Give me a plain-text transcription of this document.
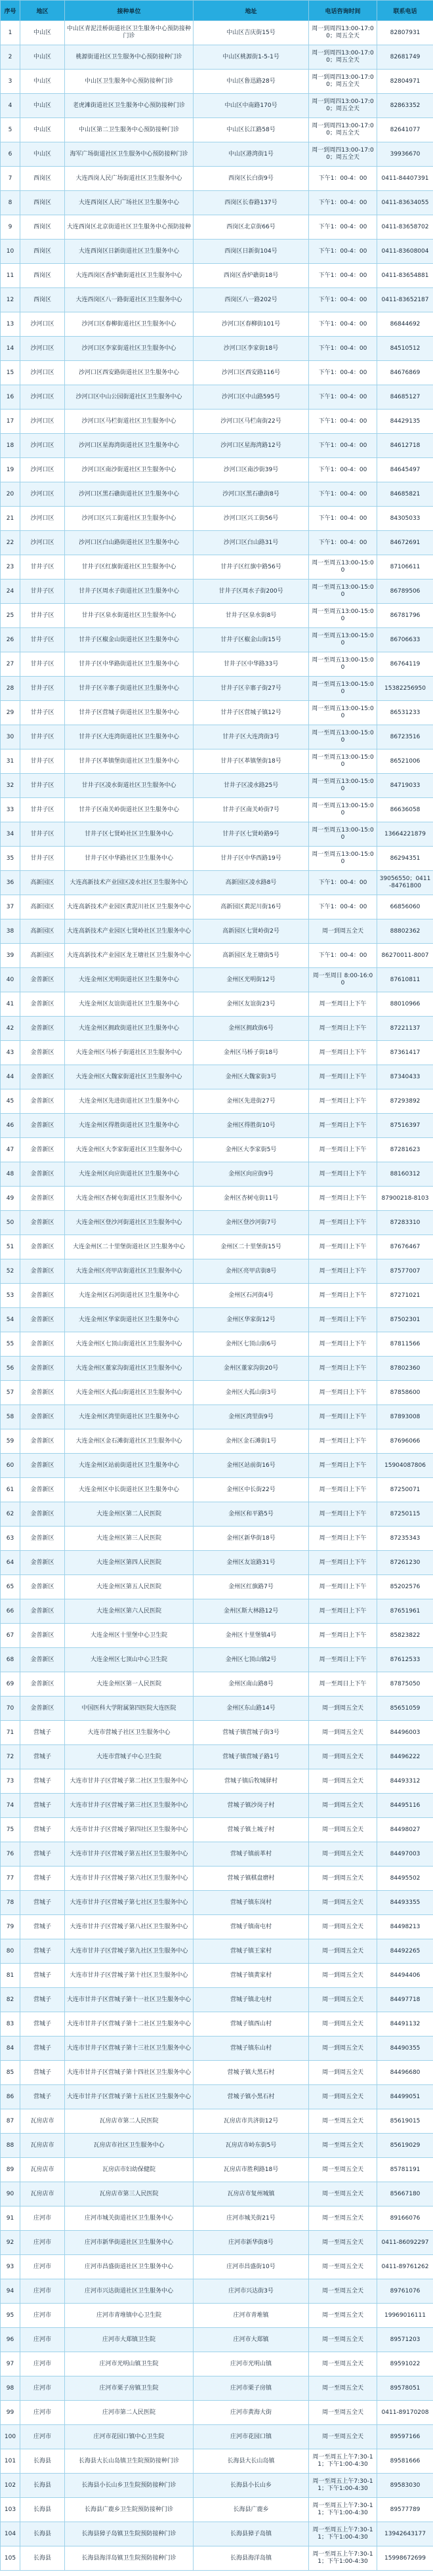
序号	地区	接种单位	地址	电话咨询时间	联系电话
1	中山区	中山区青泥洼桥街道社区卫生服务中心预防接种门诊	中山区吉庆街15号	周一到周四13:00-17:00；周五全天	82807931
2	中山区	桃源街道社区卫生服务中心预防接种门诊	中山区桃源街1-5-1号	周一到周四13:00-17:00；周五全天	82681749
3	中山区	中山区卫生服务中心预防接种门诊	中山区鲁迅路28号	周一到周四13:00-17:00；周五全天	82804971
4	中山区	老虎滩街道社区卫生服务中心预防接种门诊	中山区中南路170号	周一到周四13:00-17:00；周五全天	82863352
5	中山区	中山区第二卫生服务中心预防接种门诊	中山区长江路58号	周一到周四13:00-17:00；周五全天	82641077
6	中山区	海军广场街道社区卫生服务中心预防接种门诊	中山区港湾街1号	周一到周四13:00-17:00；周五全天	39936670
7	西岗区	大连西岗人民广场街道社区卫生服务中心	西岗区长白街9号	下午1：00-4：00	0411-84407391
8	西岗区	大连西岗区人民广场社区卫生服务中心	西岗区长春路137号	下午1：00-4：00	0411-83634055
9	西岗区	大连西岗区北京街道社区卫生服务中心预防接种	西岗区北京街66号	下午1：00-4：00	0411-83658702
10	西岗区	大连西岗区日新街道社区卫生服务中心	西岗区日新街104号	下午1：00-4：00	0411-83608004
11	西岗区	大连西岗区香炉礁街道社区卫生服务中心	西岗区香炉礁街18号	下午1：00-4：00	0411-83654881
12	西岗区	大连西岗区八一路街道社区卫生服务中心	西岗区八一路202号	下午1：00-4：00	0411-83652187
13	沙河口区	沙河口区春柳街道社区卫生服务中心	沙河口区春柳街101号	下午1：00-4：00	86844692
14	沙河口区	沙河口区李家街道社区卫生服务中心	沙河口区李家街18号	下午1：00-4：00	84510512
15	沙河口区	沙河口区西安路街道社区卫生服务中心	沙河口区西安路116号	下午1：00-4：00	84676869
16	沙河口区	沙河口区中山公园街道社区卫生服务中心	沙河口区中山路595号	下午1：00-4：00	84685127
17	沙河口区	沙河口区马栏街道社区卫生服务中心	沙河口区马栏南街22号	下午1：00-4：00	84429135
18	沙河口区	沙河口区星海湾街道社区卫生服务中心	沙河口区星海湾路12号	下午1：00-4：00	84612718
19	沙河口区	沙河口区南沙街道社区卫生服务中心	沙河口区南沙街39号	下午1：00-4：00	84645497
20	沙河口区	沙河口区黑石礁街道社区卫生服务中心	沙河口区黑石礁街8号	下午1：00-4：00	84685821
21	沙河口区	沙河口区兴工街道社区卫生服务中心	沙河口区兴工街56号	下午1：00-4：00	84305033
22	沙河口区	沙河口区白山路街道社区卫生服务中心	沙河口区白山路31号	下午1：00-4：00	84672691
23	甘井子区	甘井子区红旗街道社区卫生服务中心	甘井子区红旗中路56号	周一至周五13:00-15:00	87106611
24	甘井子区	甘井子区周水子街道社区卫生服务中心	甘井子区周水子街200号	周一至周五13:00-15:00	86789506
25	甘井子区	甘井子区泉水街道社区卫生服务中心	甘井子区泉水街8号	周一至周五13:00-15:00	86781796
26	甘井子区	甘井子区椒金山街道社区卫生服务中心	甘井子区椒金山街15号	周一至周五13:00-15:00	86706633
27	甘井子区	甘井子区中华路街道社区卫生服务中心	甘井子区中华路33号	周一至周五13:00-15:00	86764119
28	甘井子区	甘井子区辛寨子街道社区卫生服务中心	甘井子区辛寨子街27号	周一至周五13:00-15:00	15382256950
29	甘井子区	甘井子区营城子街道社区卫生服务中心	甘井子区营城子镇12号	周一至周五13:00-15:00	86531233
30	甘井子区	甘井子区大连湾街道社区卫生服务中心	甘井子区大连湾街3号	周一至周五13:00-15:00	86723516
31	甘井子区	甘井子区革镇堡街道社区卫生服务中心	甘井子区革镇堡街18号	周一至周五13:00-15:00	86521006
32	甘井子区	甘井子区凌水街道社区卫生服务中心	甘井子区凌水路25号	周一至周五13:00-15:00	84719033
33	甘井子区	甘井子区南关岭街道社区卫生服务中心	甘井子区南关岭街7号	周一至周五13:00-15:00	86636058
34	甘井子区	甘井子区七贤岭社区卫生服务中心	甘井子区七贤岭路9号	周一至周五13:00-15:00	13664221879
35	甘井子区	甘井子区中华路社区卫生服务中心	甘井子区中华西路19号	周一至周五13:00-15:00	86294351
36	高新园区	大连高新技术产业园区凌水社区卫生服务中心	高新园区凌水路8号	下午1：00-4：00	39056550；0411-84761800
37	高新园区	大连高新技术产业园区黄泥川社区卫生服务中心	高新园区黄泥川街16号	下午1：00-4：00	66856060
38	高新园区	大连高新技术产业园区七贤岭社区卫生服务中心	高新园区七贤岭街2号	周一到周五全天	88802362
39	高新园区	大连高新技术产业园区龙王塘社区卫生服务中心	高新园区龙王塘街5号	下午1：00-4：00	86270011-8007
40	金普新区	大连金州区光明街道社区卫生服务中心	金州区光明街12号	周一至周日 8:00-16:00	87610811
41	金普新区	大连金州区友谊街道社区卫生服务中心	金州区友谊街23号	周一至周日上下午	88010966
42	金普新区	大连金州区拥政街道社区卫生服务中心	金州区拥政街6号	周一至周日上下午	87221137
43	金普新区	大连金州区马桥子街道社区卫生服务中心	金州区马桥子街18号	周一至周日上下午	87361417
44	金普新区	大连金州区大魏家街道社区卫生服务中心	金州区大魏家街3号	周一至周日上下午	87340433
45	金普新区	大连金州区先进街道社区卫生服务中心	金州区先进街27号	周一至周日上下午	87293892
46	金普新区	大连金州区得胜街道社区卫生服务中心	金州区得胜街10号	周一至周日上下午	87516397
47	金普新区	大连金州区大李家街道社区卫生服务中心	金州区大李家街5号	周一至周日上下午	87281623
48	金普新区	大连金州区向应街道社区卫生服务中心	金州区向应街9号	周一至周日上下午	88160312
49	金普新区	大连金州区杏树屯街道社区卫生服务中心	金州区杏树屯街11号	周一至周日上下午	87900218-8103
50	金普新区	大连金州区登沙河街道社区卫生服务中心	金州区登沙河街7号	周一至周日上下午	87283310
51	金普新区	大连金州区二十里堡街道社区卫生服务中心	金州区二十里堡街15号	周一至周日上下午	87676467
52	金普新区	大连金州区亮甲店街道社区卫生服务中心	金州区亮甲店街8号	周一至周日上下午	87577007
53	金普新区	大连金州区石河街道社区卫生服务中心	金州区石河街4号	周一至周日上下午	87271021
54	金普新区	大连金州区华家街道社区卫生服务中心	金州区华家街12号	周一至周日上下午	87502301
55	金普新区	大连金州区七顶山街道社区卫生服务中心	金州区七顶山街6号	周一至周日上下午	87811566
56	金普新区	大连金州区董家沟街道社区卫生服务中心	金州区董家沟街20号	周一至周日上下午	87802360
57	金普新区	大连金州区大孤山街道社区卫生服务中心	金州区大孤山街3号	周一至周日上下午	87858600
58	金普新区	大连金州区湾里街道社区卫生服务中心	金州区湾里街9号	周一至周日上下午	87893008
59	金普新区	大连金州区金石滩街道社区卫生服务中心	金州区金石滩街1号	周一至周日上下午	87696066
60	金普新区	大连金州区站前街道社区卫生服务中心	金州区站前街16号	周一至周日上下午	15904087806
61	金普新区	大连金州区中长街道社区卫生服务中心	金州区中长街22号	周一至周日上下午	87250071
62	金普新区	大连金州区第二人民医院	金州区和平路5号	周一至周日上下午	87250115
63	金普新区	大连金州区第三人民医院	金州区新华街18号	周一至周日上下午	87235343
64	金普新区	大连金州区第四人民医院	金州区友谊路31号	周一至周日上下午	87261230
65	金普新区	大连金州区第五人民医院	金州区红旗路7号	周一至周日上下午	85202576
66	金普新区	大连金州区第六人民医院	金州区斯大林路12号	周一至周日上下午	87651961
67	金普新区	大连金州区十里堡中心卫生院	金州区十里堡镇4号	周一至周日上下午	85823822
68	金普新区	大连金州区七顶山中心卫生院	金州区七顶山镇2号	周一至周日上下午	87612533
69	金普新区	大连金州区第一人民医院	金州区南山路8号	周一至周日上下午	87875050
70	金普新区	中国医科大学附属第四医院大连医院	金州区东山路14号	周一到周五全天	85651059
71	营城子	大连市营城子社区卫生服务中心	营城子镇营城子街3号	周一到周五全天	84496003
72	营城子	大连市营城子中心卫生院	营城子镇营城子路1号	周一到周五全天	84496222
73	营城子	大连市甘井子区营城子第二社区卫生服务中心	营城子镇后牧城驿村	周一到周五全天	84493312
74	营城子	大连市甘井子区营城子第三社区卫生服务中心	营城子镇沙岗子村	周一到周五全天	84495116
75	营城子	大连市甘井子区营城子第四社区卫生服务中心	营城子镇土城子村	周一到周五全天	84498027
76	营城子	大连市甘井子区营城子第五社区卫生服务中心	营城子镇前革村	周一到周五全天	84497003
77	营城子	大连市甘井子区营城子第六社区卫生服务中心	营城子镇棋盘磨村	周一到周五全天	84495502
78	营城子	大连市甘井子区营城子第七社区卫生服务中心	营城子镇东岗村	周一到周五全天	84493355
79	营城子	大连市甘井子区营城子第八社区卫生服务中心	营城子镇南屯村	周一到周五全天	84498213
80	营城子	大连市甘井子区营城子第九社区卫生服务中心	营城子镇王家村	周一到周五全天	84492265
81	营城子	大连市甘井子区营城子第十社区卫生服务中心	营城子镇黄家村	周一到周五全天	84494406
82	营城子	大连市甘井子区营城子第十一社区卫生服务中心	营城子镇北屯村	周一到周五全天	84497718
83	营城子	大连市甘井子区营城子第十二社区卫生服务中心	营城子镇西山村	周一到周五全天	84491132
84	营城子	大连市甘井子区营城子第十三社区卫生服务中心	营城子镇东山村	周一到周五全天	84490355
85	营城子	大连市甘井子区营城子第十四社区卫生服务中心	营城子镇大黑石村	周一到周五全天	84496680
86	营城子	大连市甘井子区营城子第十五社区卫生服务中心	营城子镇小黑石村	周一到周五全天	84499051
87	瓦房店市	瓦房店市第二人民医院	瓦房店市共济街12号	周一至周五全天	85619015
88	瓦房店市	瓦房店市社区卫生服务中心	瓦房店市岭东街5号	周一至周五全天	85619029
89	瓦房店市	瓦房店市妇幼保健院	瓦房店市胜利路18号	周一至周五全天	85781191
90	瓦房店市	瓦房店市第三人民医院	瓦房店市复州城镇	周一至周五全天	85667180
91	庄河市	庄河市城关街道社区卫生服务中心	庄河市城关街21号	周一至周五全天	89166076
92	庄河市	庄河市新华街道社区卫生服务中心	庄河市新华街8号	周一至周五全天	0411-86092297
93	庄河市	庄河市昌盛街道社区卫生服务中心	庄河市昌盛街10号	周一至周五全天	0411-89761262
94	庄河市	庄河市兴达街道社区卫生服务中心	庄河市兴达街3号	周一至周五全天	89761076
95	庄河市	庄河市青堆镇中心卫生院	庄河市青堆镇	周一至周五全天	19969016111
96	庄河市	庄河市大郑镇卫生院	庄河市大郑镇	周一至周五全天	89571203
97	庄河市	庄河市光明山镇卫生院	庄河市光明山镇	周一至周五全天	89591022
98	庄河市	庄河市栗子房镇卫生院	庄河市栗子房镇	周一至周五全天	89578051
99	庄河市	庄河市第二人民医院	庄河市黄海大街	周一至周五全天	0411-89170208
100	庄河市	庄河市花园口镇中心卫生院	庄河市花园口镇	周一至周五全天	89597166
101	长海县	长海县大长山岛镇卫生院预防接种门诊	长海县大长山岛镇	周一至周五上午7:30-11；下午1:00-4:30	89581666
102	长海县	长海县小长山乡卫生院预防接种门诊	长海县小长山乡	周一至周五上午7:30-11；下午1:00-4:30	89583030
103	长海县	长海县广鹿乡卫生院预防接种门诊	长海县广鹿乡	周一至周五上午7:30-11；下午1:00-4:30	89577789
104	长海县	长海县獐子岛镇卫生院预防接种门诊	长海县獐子岛镇	周一至周五上午7:30-11；下午1:00-4:30	13942643177
105	长海县	长海县海洋岛镇卫生院预防接种门诊	长海县海洋岛镇	周一至周五上午7:30-11；下午1:00-4:30	15998672699
